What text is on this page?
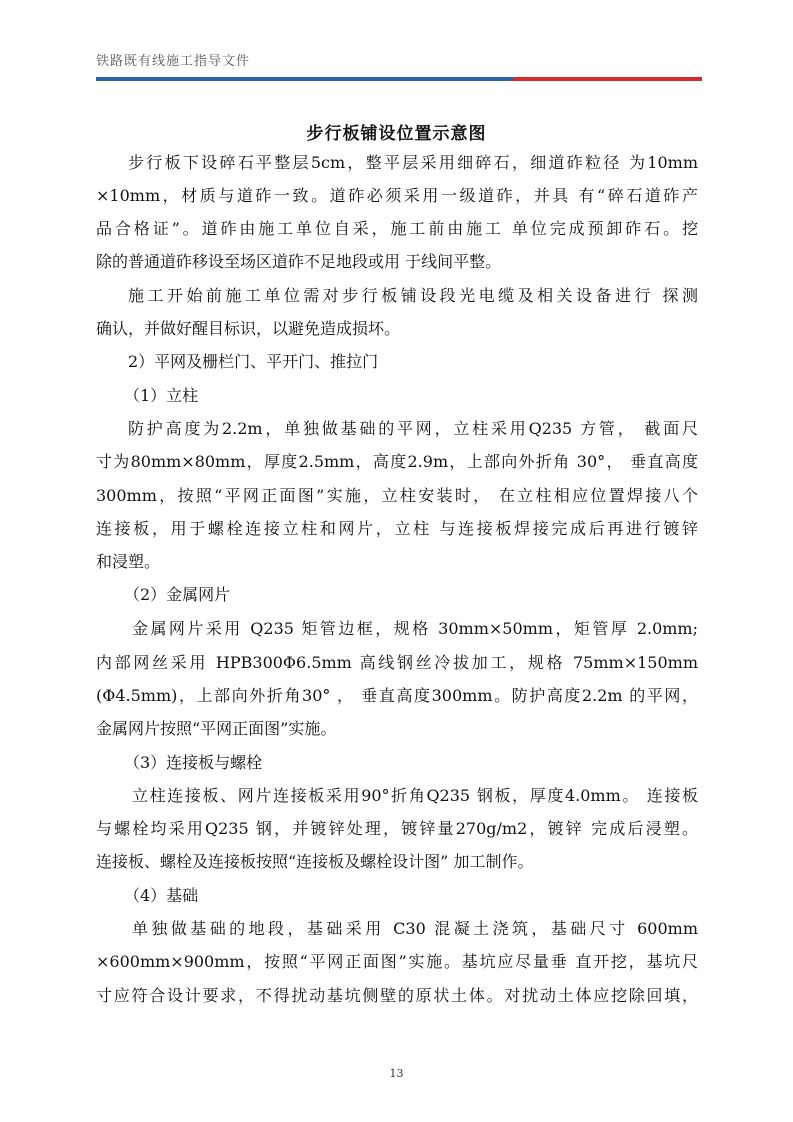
铁路既有线施工指导文件
步行板铺设位置示意图
步行板下设碎石平整层5cm，整平层采用细碎石，细道砟粒径 为10mm
×10mm，材质与道砟一致。道砟必须采用一级道砟，并具 有“碎石道砟产
品合格证”。道砟由施工单位自采，施工前由施工 单位完成预卸砟石。挖
除的普通道砟移设至场区道砟不足地段或用 于线间平整。
施工开始前施工单位需对步行板铺设段光电缆及相关设备进行 探测
确认，并做好醒目标识，以避免造成损坏。
2）平网及栅栏门、平开门、推拉门
（1）立柱
防护高度为2.2m，单独做基础的平网，立柱采用Q235 方管， 截面尺
寸为80mm×80mm，厚度2.5mm，高度2.9m，上部向外折角 30°， 垂直高度
300mm，按照“平网正面图”实施，立柱安装时， 在立柱相应位置焊接八个
连接板，用于螺栓连接立柱和网片，立柱 与连接板焊接完成后再进行镀锌
和浸塑。
（2）金属网片
金属网片采用 Q235 矩管边框，规格 30mm×50mm，矩管厚 2.0mm;
内部网丝采用 HPB300Φ6.5mm 高线钢丝冷拔加工，规格 75mm×150mm
(Φ4.5mm)，上部向外折角30° ， 垂直高度300mm。防护高度2.2m 的平网，
金属网片按照“平网正面图”实施。
（3）连接板与螺栓
立柱连接板、网片连接板采用90°折角Q235 钢板，厚度4.0mm。 连接板
与螺栓均采用Q235 钢，并镀锌处理，镀锌量270g/m2，镀锌 完成后浸塑。
连接板、螺栓及连接板按照“连接板及螺栓设计图” 加工制作。
（4）基础
单独做基础的地段，基础采用 C30 混凝土浇筑，基础尺寸 600mm
×600mm×900mm，按照“平网正面图”实施。基坑应尽量垂 直开挖，基坑尺
寸应符合设计要求，不得扰动基坑侧壁的原状土体。对扰动土体应挖除回填，
13
